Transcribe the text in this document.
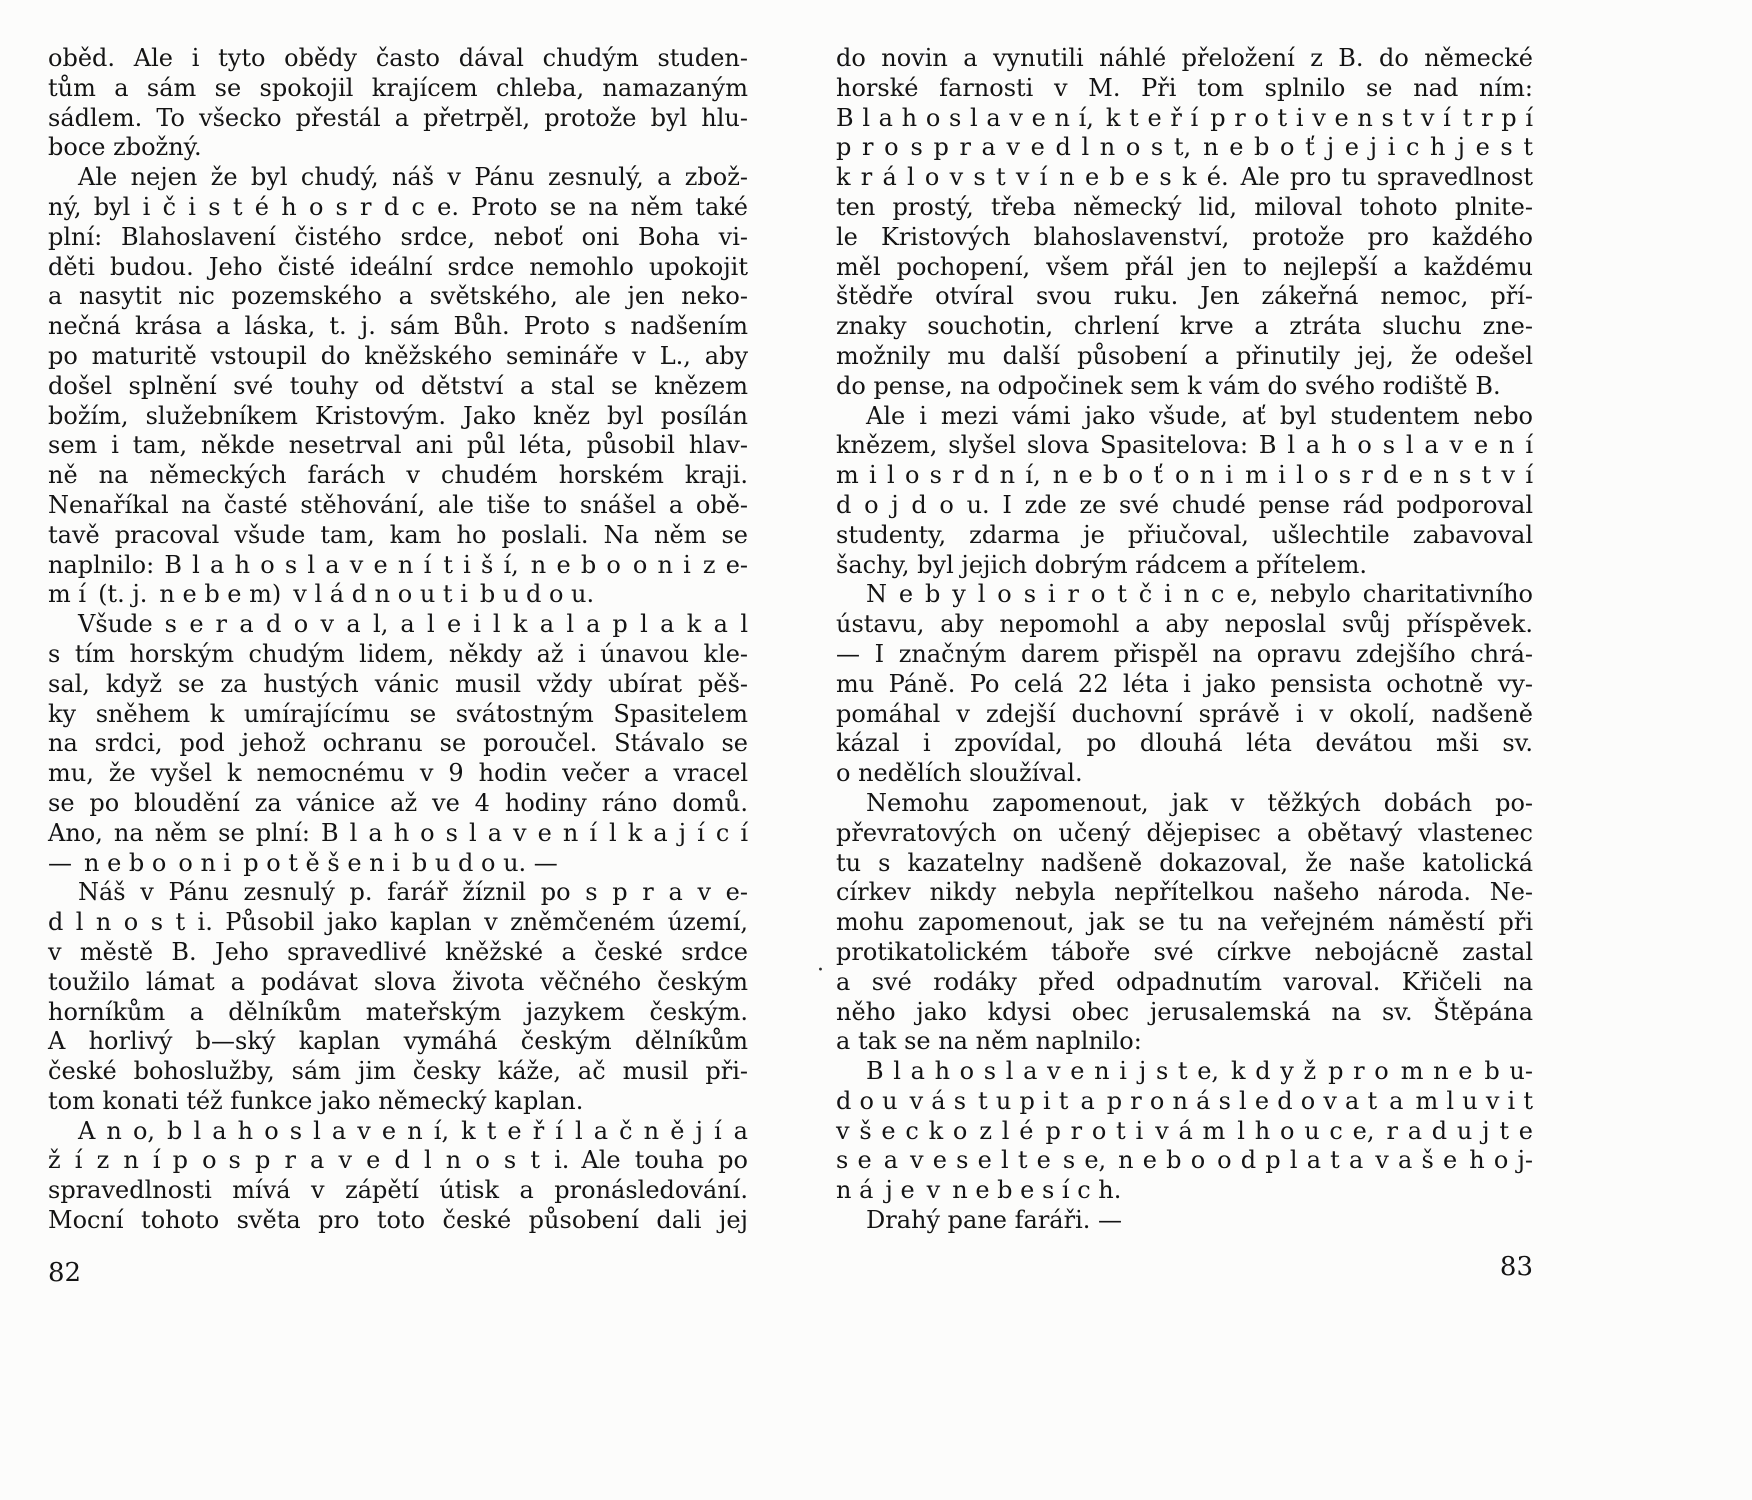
oběd. Ale i tyto obědy často dával chudým studen-
tům a sám se spokojil krajícem chleba, namazaným
sádlem. To všecko přestál a přetrpěl, protože byl hlu-
boce zbožný.
Ale nejen že byl chudý, náš v Pánu zesnulý, a zbož-
ný, byl i č i s t é h o s r d c e. Proto se na něm také
plní: Blahoslavení čistého srdce, neboť oni Boha vi-
děti budou. Jeho čisté ideální srdce nemohlo upokojit
a nasytit nic pozemského a světského, ale jen neko-
nečná krása a láska, t. j. sám Bůh. Proto s nadšením
po maturitě vstoupil do kněžského semináře v L., aby
došel splnění své touhy od dětství a stal se knězem
božím, služebníkem Kristovým. Jako kněz byl posílán
sem i tam, někde nesetrval ani půl léta, působil hlav-
ně na německých farách v chudém horském kraji.
Nenaříkal na časté stěhování, ale tiše to snášel a obě-
tavě pracoval všude tam, kam ho poslali. Na něm se
naplnilo: B l a h o s l a v e n í t i š í, n e b o o n i z e-
m í (t. j. n e b e m) v l á d n o u t i b u d o u.
Všude s e r a d o v a l, a l e i l k a l a p l a k a l
s tím horským chudým lidem, někdy až i únavou kle-
sal, když se za hustých vánic musil vždy ubírat pěš-
ky sněhem k umírajícímu se svátostným Spasitelem
na srdci, pod jehož ochranu se poroučel. Stávalo se
mu, že vyšel k nemocnému v 9 hodin večer a vracel
se po bloudění za vánice až ve 4 hodiny ráno domů.
Ano, na něm se plní: B l a h o s l a v e n í l k a j í c í
— n e b o o n i p o t ě š e n i b u d o u. —
Náš v Pánu zesnulý p. farář žíznil po s p r a v e-
d l n o s t i. Působil jako kaplan v zněmčeném území,
v městě B. Jeho spravedlivé kněžské a české srdce
toužilo lámat a podávat slova života věčného českým
horníkům a dělníkům mateřským jazykem českým.
A horlivý b—ský kaplan vymáhá českým dělníkům
české bohoslužby, sám jim česky káže, ač musil při-
tom konati též funkce jako německý kaplan.
A n o, b l a h o s l a v e n í, k t e ř í l a č n ě j í a
ž í z n í p o s p r a v e d l n o s t i. Ale touha po
spravedlnosti mívá v zápětí útisk a pronásledování.
Mocní tohoto světa pro toto české působení dali jej
do novin a vynutili náhlé přeložení z B. do německé
horské farnosti v M. Při tom splnilo se nad ním:
B l a h o s l a v e n í, k t e ř í p r o t i v e n s t v í t r p í
p r o s p r a v e d l n o s t, n e b o ť j e j i c h j e s t
k r á l o v s t v í n e b e s k é. Ale pro tu spravedlnost
ten prostý, třeba německý lid, miloval tohoto plnite-
le Kristových blahoslavenství, protože pro každého
měl pochopení, všem přál jen to nejlepší a každému
štědře otvíral svou ruku. Jen zákeřná nemoc, pří-
znaky souchotin, chrlení krve a ztráta sluchu zne-
možnily mu další působení a přinutily jej, že odešel
do pense, na odpočinek sem k vám do svého rodiště B.
Ale i mezi vámi jako všude, ať byl studentem nebo
knězem, slyšel slova Spasitelova: B l a h o s l a v e n í
m i l o s r d n í, n e b o ť o n i m i l o s r d e n s t v í
d o j d o u. I zde ze své chudé pense rád podporoval
studenty, zdarma je přiučoval, ušlechtile zabavoval
šachy, byl jejich dobrým rádcem a přítelem.
N e b y l o s i r o t č i n c e, nebylo charitativního
ústavu, aby nepomohl a aby neposlal svůj příspěvek.
— I značným darem přispěl na opravu zdejšího chrá-
mu Páně. Po celá 22 léta i jako pensista ochotně vy-
pomáhal v zdejší duchovní správě i v okolí, nadšeně
kázal i zpovídal, po dlouhá léta devátou mši sv.
o nedělích sloužíval.
Nemohu zapomenout, jak v těžkých dobách po-
převratových on učený dějepisec a obětavý vlastenec
tu s kazatelny nadšeně dokazoval, že naše katolická
církev nikdy nebyla nepřítelkou našeho národa. Ne-
mohu zapomenout, jak se tu na veřejném náměstí při
protikatolickém táboře své církve nebojácně zastal
a své rodáky před odpadnutím varoval. Křičeli na
něho jako kdysi obec jerusalemská na sv. Štěpána
a tak se na něm naplnilo:
B l a h o s l a v e n i j s t e, k d y ž p r o m n e b u-
d o u v á s t u p i t a p r o n á s l e d o v a t a m l u v i t
v š e c k o z l é p r o t i v á m l h o u c e, r a d u j t e
s e a v e s e l t e s e, n e b o o d p l a t a v a š e h o j-
n á j e v n e b e s í c h.
Drahý pane faráři. —
82	83
·
